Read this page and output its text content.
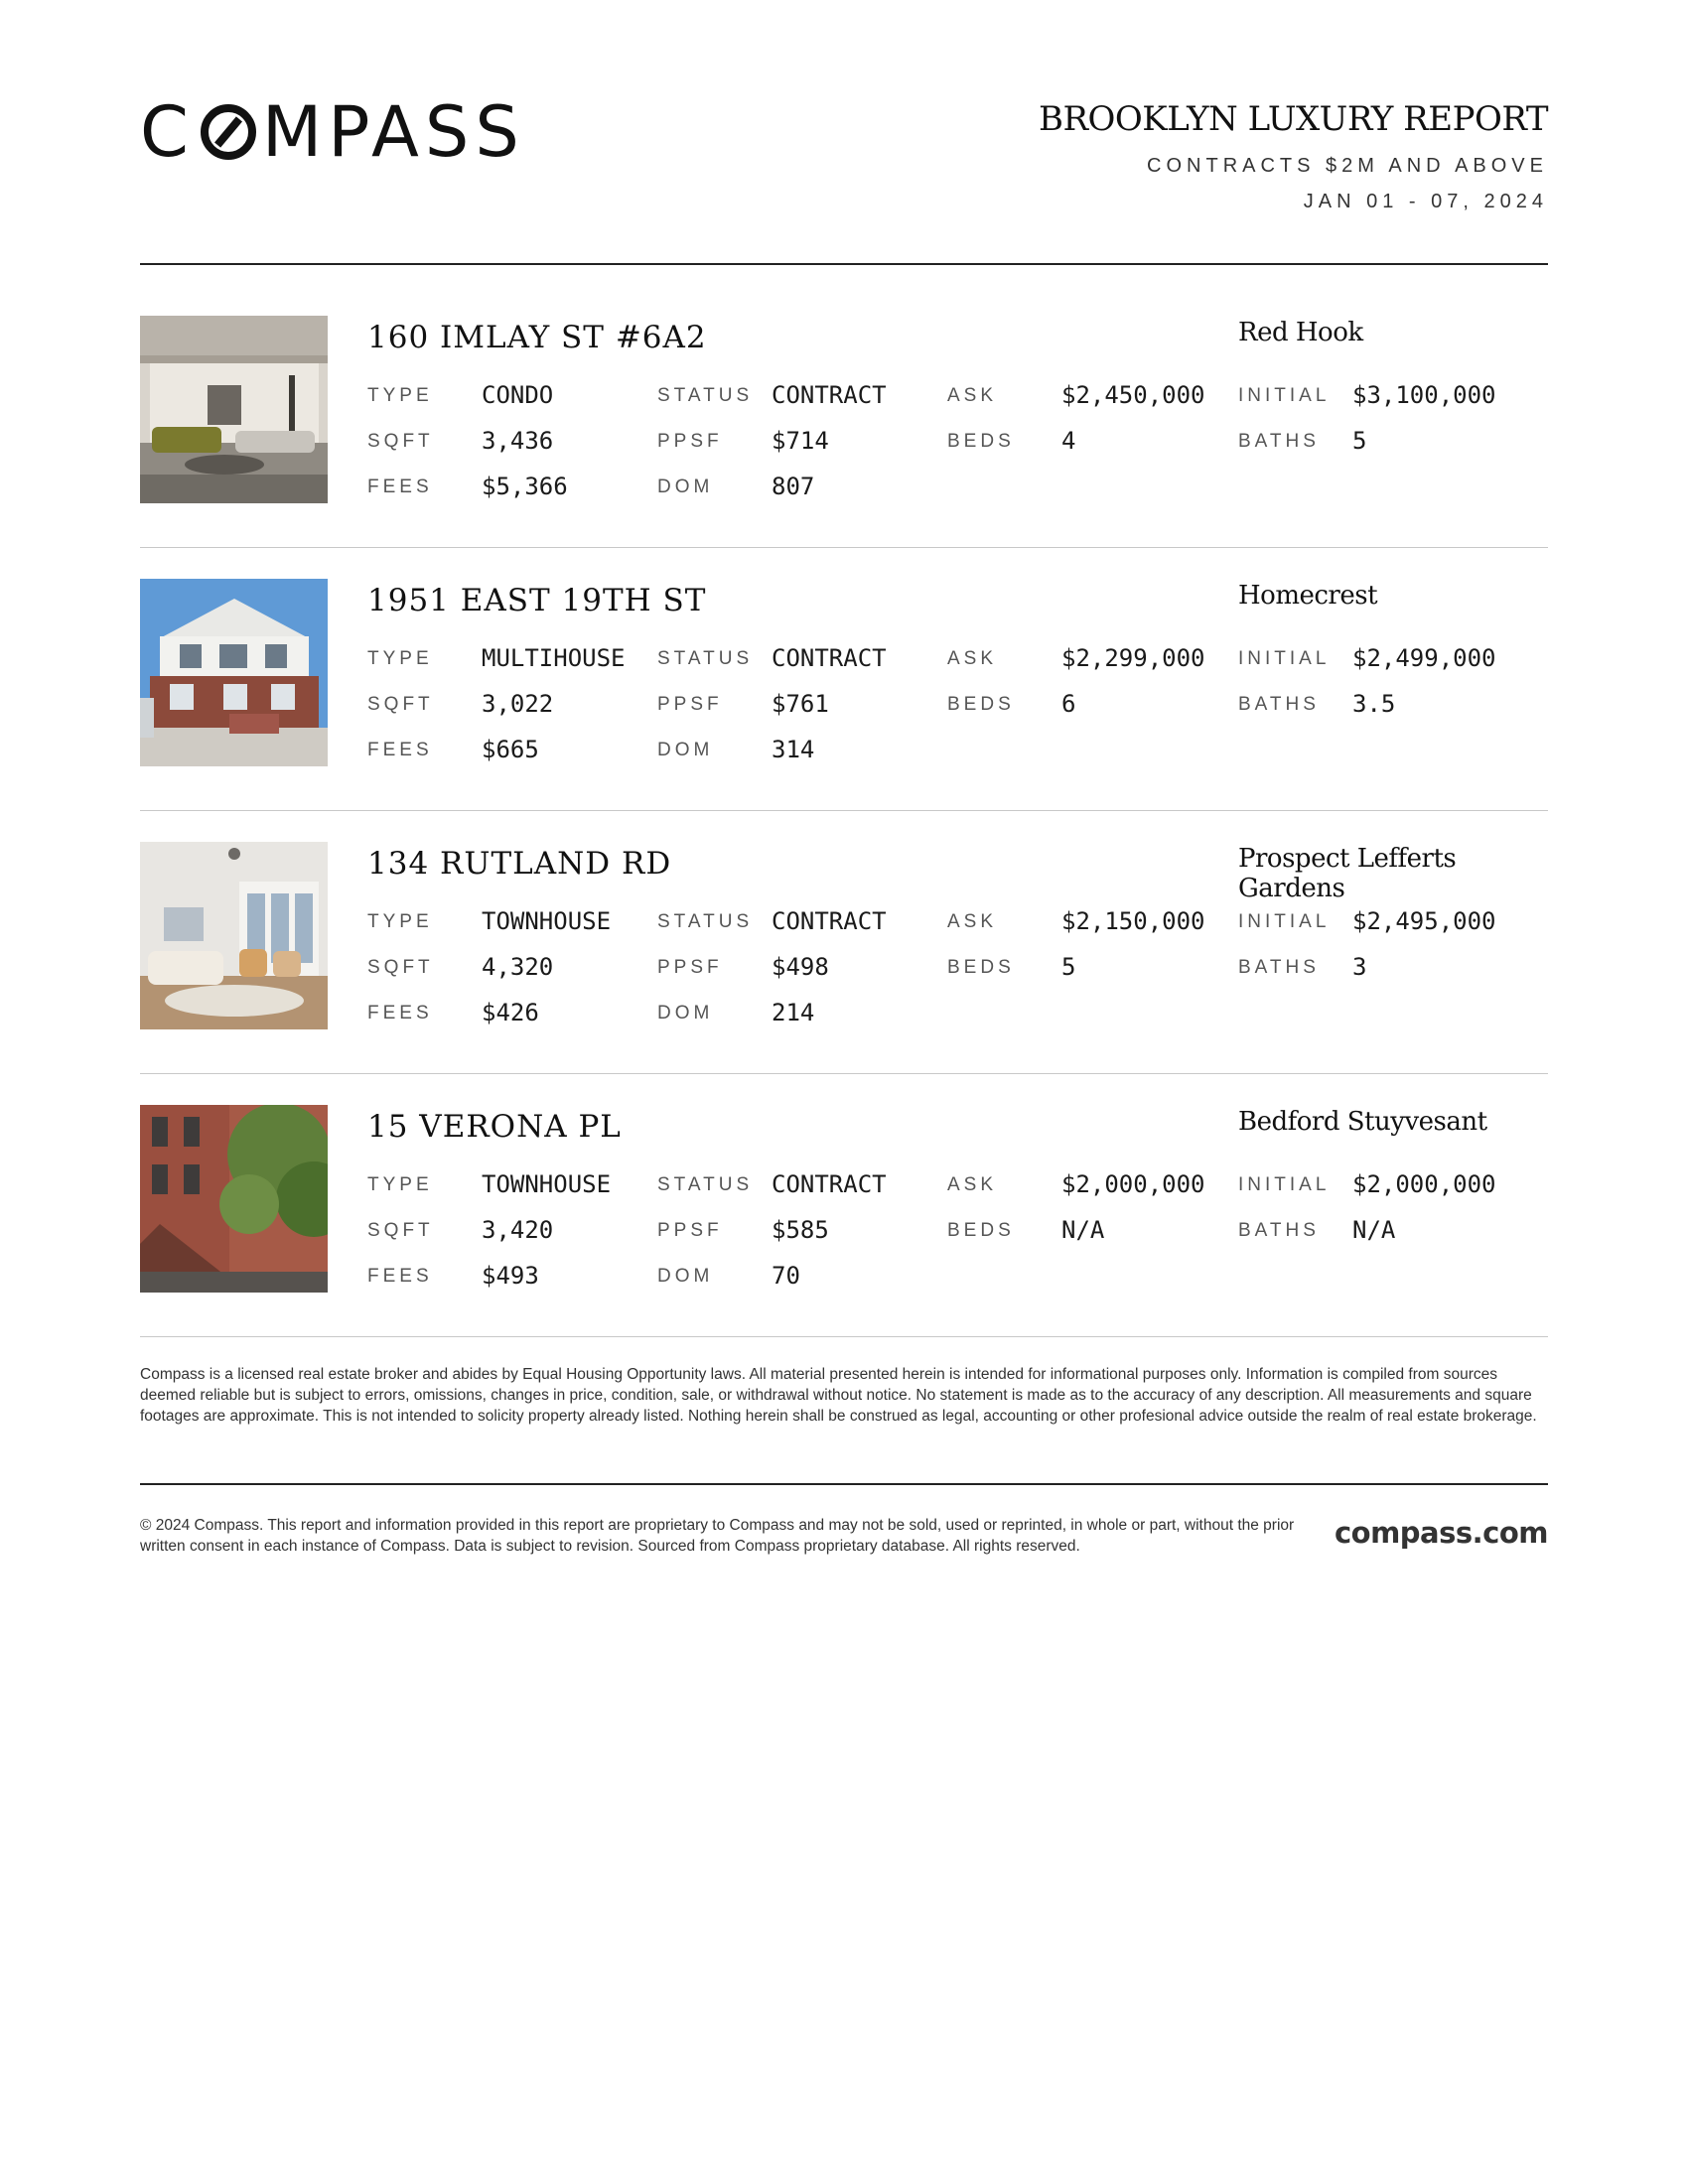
C MPASS	BROOKLYN LUXURY REPORT
CONTRACTS $2M AND ABOVE
JAN 01 - 07, 2024
160 IMLAY ST #6A2	Red Hook
TYPE CONDO	STATUS CONTRACT	ASK	$2,450,000 INITIAL $3,100,000
SQFT 3,436	PPSF $714	BEDS 4	BATHS 5
FEES $5,366	DOM 807
1951 EAST 19TH ST	Homecrest
TYPE MULTIHOUSE STATUS CONTRACT	ASK	$2,299,000 INITIAL $2,499,000
SQFT 3,022	PPSF $761	BEDS 6	BATHS 3.5
FEES $665	DOM 314
134 RUTLAND RD	Prospect Lefferts Gardens
TYPE TOWNHOUSE STATUS CONTRACT	ASK	$2,150,000 INITIAL $2,495,000
SQFT 4,320	PPSF $498	BEDS 5	BATHS 3
FEES $426	DOM 214
15 VERONA PL	Bedford Stuyvesant
TYPE TOWNHOUSE STATUS CONTRACT	ASK	$2,000,000 INITIAL $2,000,000
SQFT 3,420	PPSF $585	BEDS N/A	BATHS N/A
FEES $493	DOM 70
Compass is a licensed real estate broker and abides by Equal Housing Opportunity laws. All material presented herein is intended for informational purposes only. Information is compiled from sources deemed reliable but is subject to errors, omissions, changes in price, condition, sale, or withdrawal without notice. No statement is made as to the accuracy of any description. All measurements and square footages are approximate. This is not intended to solicity property already listed. Nothing herein shall be construed as legal, accounting or other profesional advice outside the realm of real estate brokerage.
© 2024 Compass. This report and information provided in this report are proprietary to Compass and may not be sold, used or reprinted, in whole or part, without the prior written consent in each instance of Compass. Data is subject to revision. Sourced from Compass proprietary database. All rights reserved.	compass.com
